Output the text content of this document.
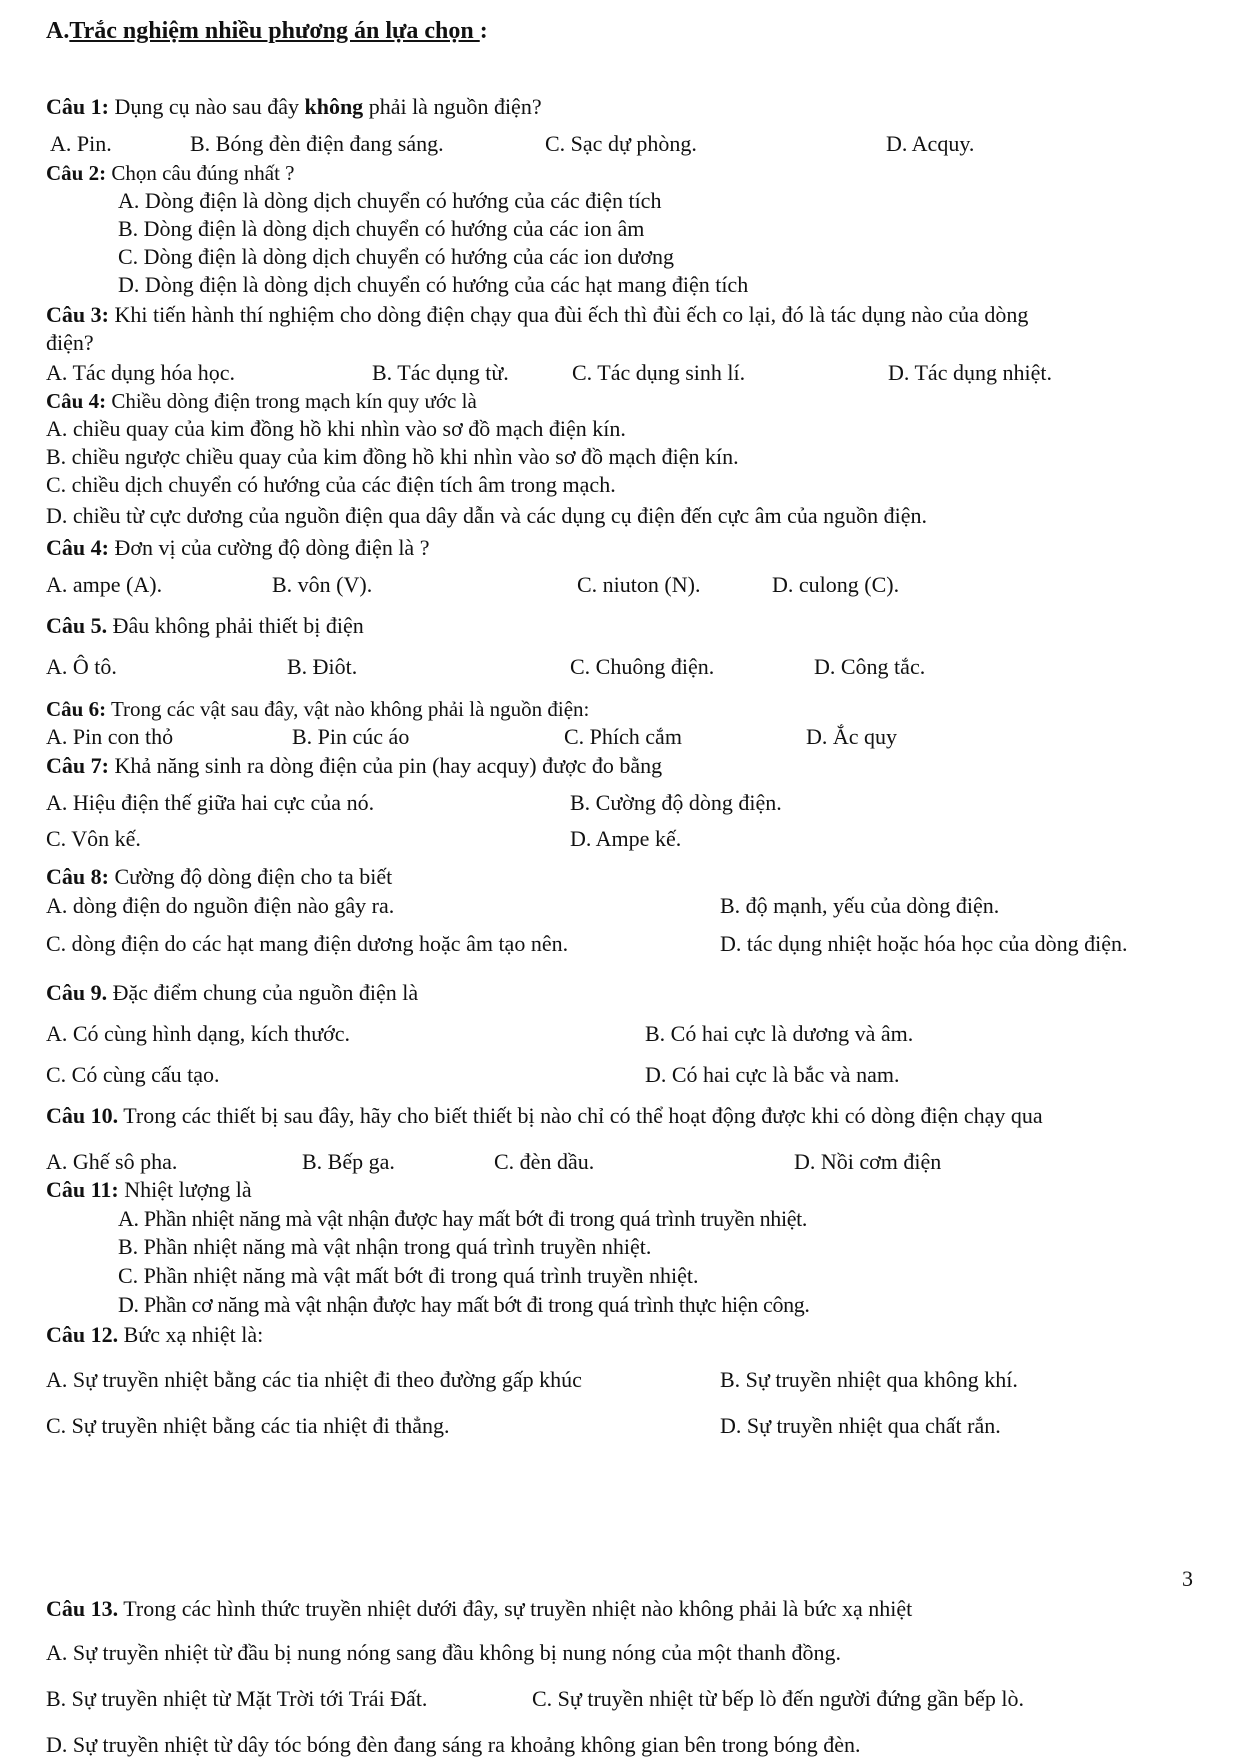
A.Trắc nghiệm nhiều phương án lựa chọn :
Câu 1: Dụng cụ nào sau đây không phải là nguồn điện?
A. Pin.	B. Bóng đèn điện đang sáng.	C. Sạc dự phòng.	D. Acquy.
Câu 2: Chọn câu đúng nhất ?
A. Dòng điện là dòng dịch chuyển có hướng của các điện tích
B. Dòng điện là dòng dịch chuyển có hướng của các ion âm
C. Dòng điện là dòng dịch chuyển có hướng của các ion dương
D. Dòng điện là dòng dịch chuyển có hướng của các hạt mang điện tích
Câu 3: Khi tiến hành thí nghiệm cho dòng điện chạy qua đùi ếch thì đùi ếch co lại, đó là tác dụng nào của dòng
điện?
A. Tác dụng hóa học.	B. Tác dụng từ.	C. Tác dụng sinh lí.	D. Tác dụng nhiệt.
Câu 4: Chiều dòng điện trong mạch kín quy ước là
A. chiều quay của kim đồng hồ khi nhìn vào sơ đồ mạch điện kín.
B. chiều ngược chiều quay của kim đồng hồ khi nhìn vào sơ đồ mạch điện kín.
C. chiều dịch chuyển có hướng của các điện tích âm trong mạch.
D. chiều từ cực dương của nguồn điện qua dây dẫn và các dụng cụ điện đến cực âm của nguồn điện.
Câu 4: Đơn vị của cường độ dòng điện là ?
A. ampe (A).	B. vôn (V).	C. niuton (N).	D. culong (C).
Câu 5. Đâu không phải thiết bị điện
A. Ô tô.	B. Điôt.	C. Chuông điện.	D. Công tắc.
Câu 6: Trong các vật sau đây, vật nào không phải là nguồn điện:
A. Pin con thỏ	B. Pin cúc áo	C. Phích cắm	D. Ắc quy
Câu 7: Khả năng sinh ra dòng điện của pin (hay acquy) được đo bằng
A. Hiệu điện thế giữa hai cực của nó.	B. Cường độ dòng điện.
C. Vôn kế.	D. Ampe kế.
Câu 8: Cường độ dòng điện cho ta biết
A. dòng điện do nguồn điện nào gây ra.	B. độ mạnh, yếu của dòng điện.
C. dòng điện do các hạt mang điện dương hoặc âm tạo nên.	D. tác dụng nhiệt hoặc hóa học của dòng điện.
Câu 9. Đặc điểm chung của nguồn điện là
A. Có cùng hình dạng, kích thước.	B. Có hai cực là dương và âm.
C. Có cùng cấu tạo.	D. Có hai cực là bắc và nam.
Câu 10. Trong các thiết bị sau đây, hãy cho biết thiết bị nào chỉ có thể hoạt động được khi có dòng điện chạy qua
A. Ghế sô pha.	B. Bếp ga.	C. đèn dầu.	D. Nồi cơm điện
Câu 11: Nhiệt lượng là
A. Phần nhiệt năng mà vật nhận được hay mất bớt đi trong quá trình truyền nhiệt.
B. Phần nhiệt năng mà vật nhận trong quá trình truyền nhiệt.
C. Phần nhiệt năng mà vật mất bớt đi trong quá trình truyền nhiệt.
D. Phần cơ năng mà vật nhận được hay mất bớt đi trong quá trình thực hiện công.
Câu 12. Bức xạ nhiệt là:
A. Sự truyền nhiệt bằng các tia nhiệt đi theo đường gấp khúc	B. Sự truyền nhiệt qua không khí.
C. Sự truyền nhiệt bằng các tia nhiệt đi thẳng.	D. Sự truyền nhiệt qua chất rắn.
3
Câu 13. Trong các hình thức truyền nhiệt dưới đây, sự truyền nhiệt nào không phải là bức xạ nhiệt
A. Sự truyền nhiệt từ đầu bị nung nóng sang đầu không bị nung nóng của một thanh đồng.
B. Sự truyền nhiệt từ Mặt Trời tới Trái Đất.	C. Sự truyền nhiệt từ bếp lò đến người đứng gần bếp lò.
D. Sự truyền nhiệt từ dây tóc bóng đèn đang sáng ra khoảng không gian bên trong bóng đèn.
